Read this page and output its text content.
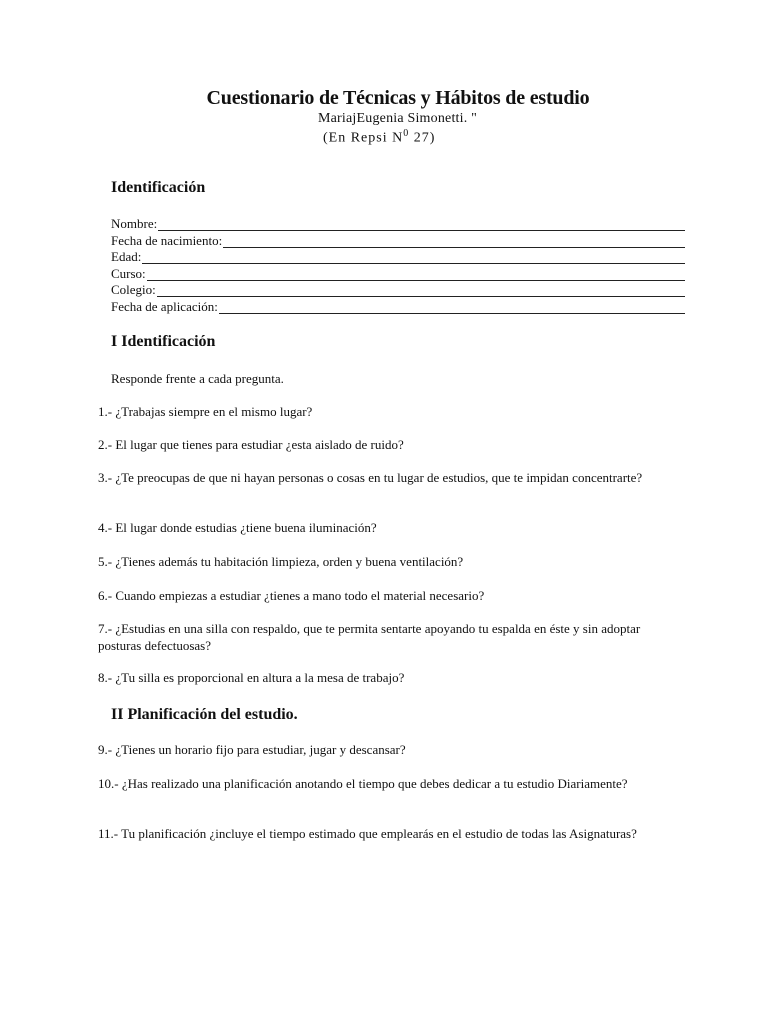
Cuestionario de Técnicas y Hábitos de estudio
MariajEugenia Simonetti. "
(En Repsi $N^0$ 27)
Identificación
Nombre:
Fecha de nacimiento:
Edad:
Curso:
Colegio:
Fecha de aplicación:
I Identificación
Responde frente a cada pregunta.
1.- ¿Trabajas siempre en el mismo lugar?
2.- El lugar que tienes para estudiar ¿esta aislado de ruido?
3.- ¿Te preocupas de que ni hayan personas o cosas en tu lugar de estudios, que te impidan concentrarte?
4.- El lugar donde estudias ¿tiene buena iluminación?
5.- ¿Tienes además tu habitación limpieza, orden y buena ventilación?
6.- Cuando empiezas a estudiar ¿tienes a mano todo el material necesario?
7.- ¿Estudias en una silla con respaldo, que te permita sentarte apoyando tu espalda en éste y sin adoptar posturas defectuosas?
8.- ¿Tu silla es proporcional en altura a la mesa de trabajo?
II Planificación del estudio.
9.- ¿Tienes un horario fijo para estudiar, jugar y descansar?
10.- ¿Has realizado una planificación anotando el tiempo que debes dedicar a tu estudio Diariamente?
11.- Tu planificación ¿incluye el tiempo estimado que emplearás en el estudio de todas las Asignaturas?
